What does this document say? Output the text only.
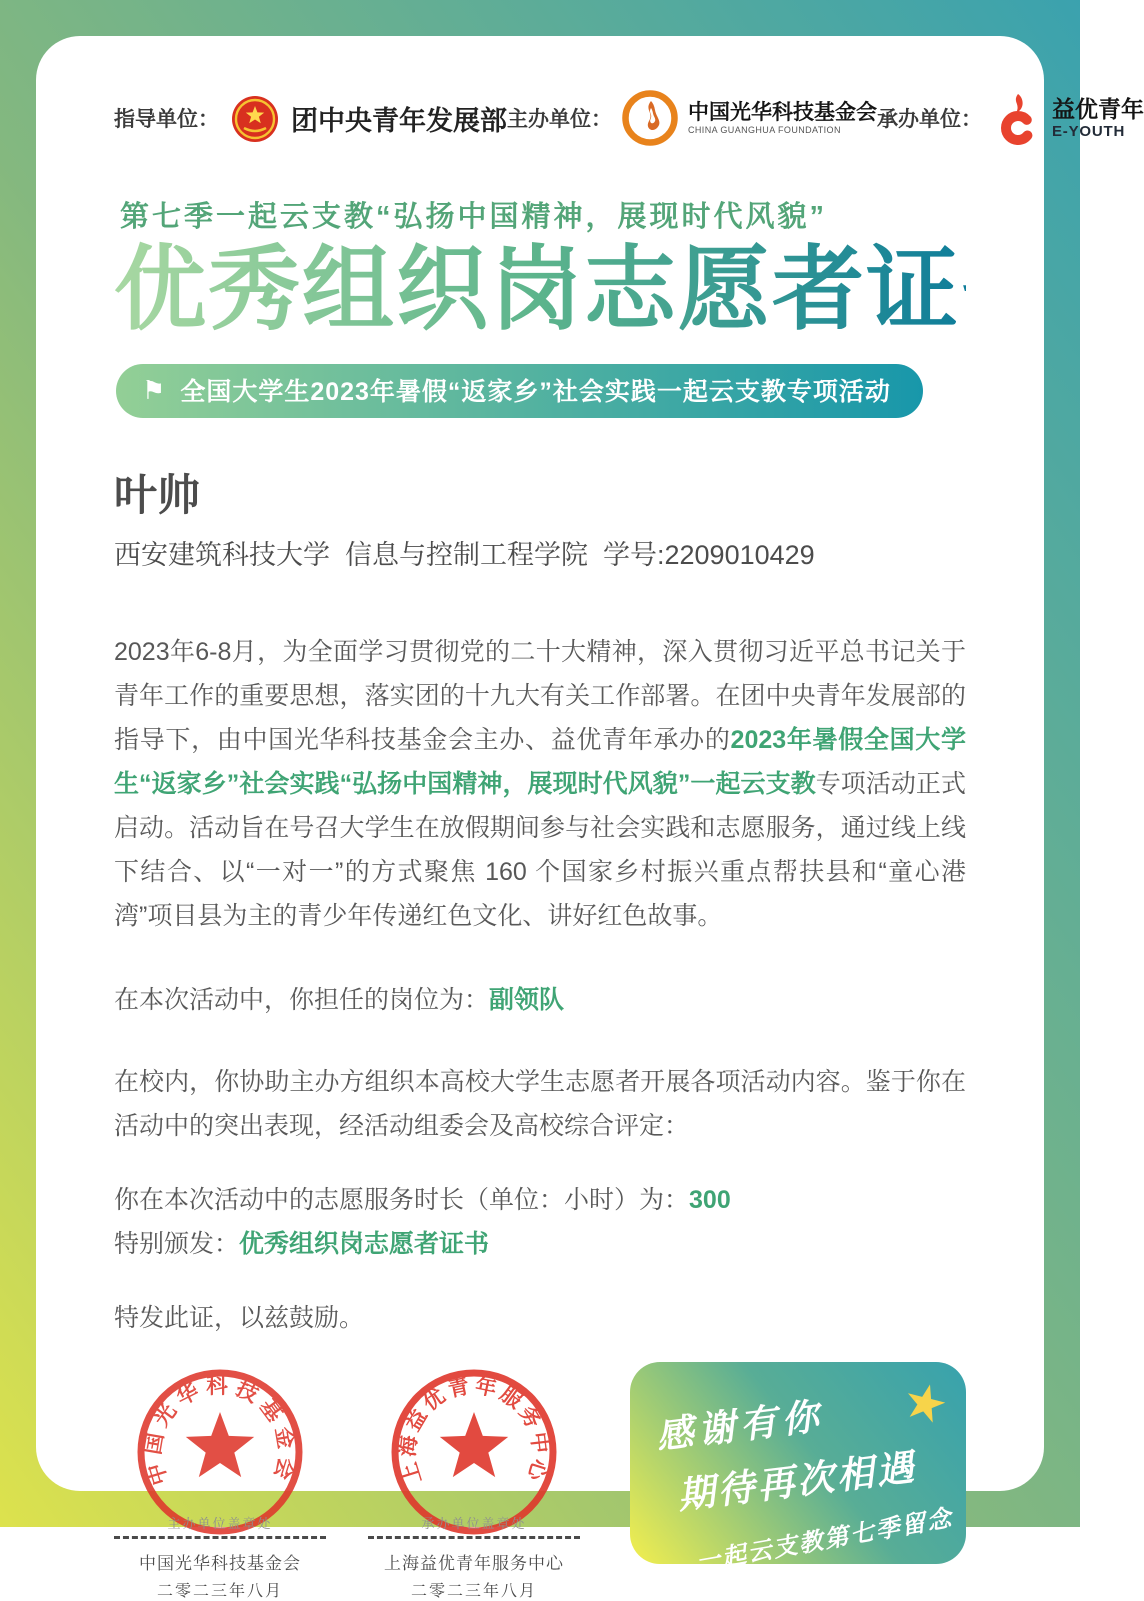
指导单位：	团中央青年发展部 主办单位：	中国光华科技基金会
CHINA GUANGHUA FOUNDATION	承办单位：	益优青年
E-YOUTH
第七季一起云支教“弘扬中国精神，展现时代风貌”
优秀组织岗志愿者证书
⚑ 全国大学生2023年暑假“返家乡”社会实践一起云支教专项活动
叶帅
西安建筑科技大学  信息与控制工程学院  学号:2209010429

2023年6-8月，为全面学习贯彻党的二十大精神，深入贯彻习近平总书记关于青年工作的重要思想，落实团的十九大有关工作部署。在团中央青年发展部的指导下，由中国光华科技基金会主办、益优青年承办的2023年暑假全国大学生“返家乡”社会实践“弘扬中国精神，展现时代风貌”一起云支教专项活动正式启动。活动旨在号召大学生在放假期间参与社会实践和志愿服务，通过线上线下结合、以“一对一”的方式聚焦 160 个国家乡村振兴重点帮扶县和“童心港湾”项目县为主的青少年传递红色文化、讲好红色故事。

在本次活动中，你担任的岗位为：副领队

在校内，你协助主办方组织本高校大学生志愿者开展各项活动内容。鉴于你在活动中的突出表现，经活动组委会及高校综合评定：

你在本次活动中的志愿服务时长（单位：小时）为：300

特别颁发：优秀组织岗志愿者证书

特发此证，以兹鼓励。

中国光华科技基金会
主办单位盖章处
中国光华科技基金会
二零二三年八月
上海益优青年服务中心
承办单位盖章处
上海益优青年服务中心
二零二三年八月
感谢有你
期待再次相遇
一起云支教第七季留念
★
